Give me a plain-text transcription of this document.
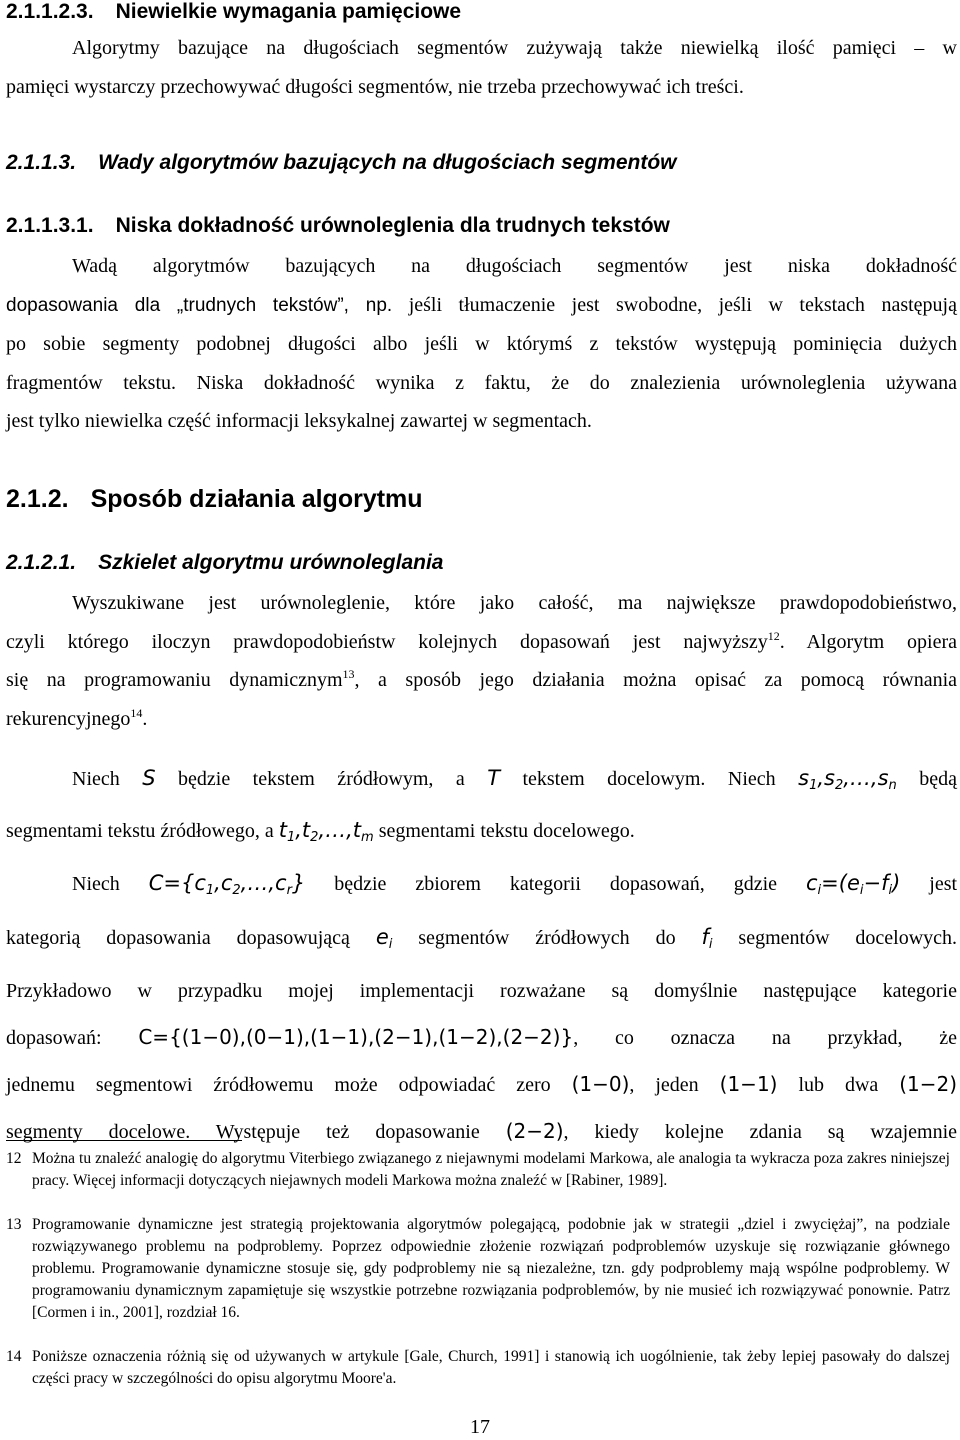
2.1.1.2.3. Niewielkie wymagania pamięciowe
Algorytmy bazujące na długościach segmentów zużywają także niewielką ilość pamięci – w
pamięci wystarczy przechowywać długości segmentów, nie trzeba przechowywać ich treści.
2.1.1.3. Wady algorytmów bazujących na długościach segmentów
2.1.1.3.1. Niska dokładność urównoleglenia dla trudnych tekstów
Wadą algorytmów bazujących na długościach segmentów jest niska dokładność
dopasowania dla „trudnych tekstów”, np. jeśli tłumaczenie jest swobodne, jeśli w tekstach następują
po sobie segmenty podobnej długości albo jeśli w którymś z tekstów występują pominięcia dużych
fragmentów tekstu. Niska dokładność wynika z faktu, że do znalezienia urównoleglenia używana
jest tylko niewielka część informacji leksykalnej zawartej w segmentach.
2.1.2. Sposób działania algorytmu
2.1.2.1. Szkielet algorytmu urównoleglania
Wyszukiwane jest urównoleglenie, które jako całość, ma największe prawdopodobieństwo,
czyli którego iloczyn prawdopodobieństw kolejnych dopasowań jest najwyższy$^{12}$. Algorytm opiera
się na programowaniu dynamicznym$^{13}$, a sposób jego działania można opisać za pomocą równania
rekurencyjnego$^{14}$.
Niech S będzie tekstem źródłowym, a T tekstem docelowym. Niech $s1,s2,\dots,s_n$ będą
segmentami tekstu źródłowego, a $t1,t2,\dots,t_m$ segmentami tekstu docelowego.
Niech $C=\{c1,c2,\dots,c_r\}$ będzie zbiorem kategorii dopasowań, gdzie $c_i=(e_i-f_i)$ jest
kategorią dopasowania dopasowującą $e_i$ segmentów źródłowych do $f_i$ segmentów docelowych.
Przykładowo w przypadku mojej implementacji rozważane są domyślnie następujące kategorie
dopasowań: C={(1−0),(0−1),(1−1),(2−1),(1−2),(2−2)}, co oznacza na przykład, że
jednemu segmentowi źródłowemu może odpowiadać zero (1−0), jeden (1−1) lub dwa (1−2)
segmenty docelowe. Występuje też dopasowanie (2−2), kiedy kolejne zdania są wzajemnie
12 Można tu znaleźć analogię do algorytmu Viterbiego związanego z niejawnymi modelami Markowa, ale analogia ta wykracza poza zakres niniejszej pracy. Więcej informacji dotyczących niejawnych modeli Markowa można znaleźć w [Rabiner, 1989].
13 Programowanie dynamiczne jest strategią projektowania algorytmów polegającą, podobnie jak w strategii „dziel i zwyciężaj”, na podziale rozwiązywanego problemu na podproblemy. Poprzez odpowiednie złożenie rozwiązań podproblemów uzyskuje się rozwiązanie głównego problemu. Programowanie dynamiczne stosuje się, gdy podproblemy nie są niezależne, tzn. gdy podproblemy mają wspólne podproblemy. W programowaniu dynamicznym zapamiętuje się wszystkie potrzebne rozwiązania podproblemów, by nie musieć ich rozwiązywać ponownie. Patrz [Cormen i in., 2001], rozdział 16.
14 Poniższe oznaczenia różnią się od używanych w artykule [Gale, Church, 1991] i stanowią ich uogólnienie, tak żeby lepiej pasowały do dalszej części pracy w szczególności do opisu algorytmu Moore'a.
17
